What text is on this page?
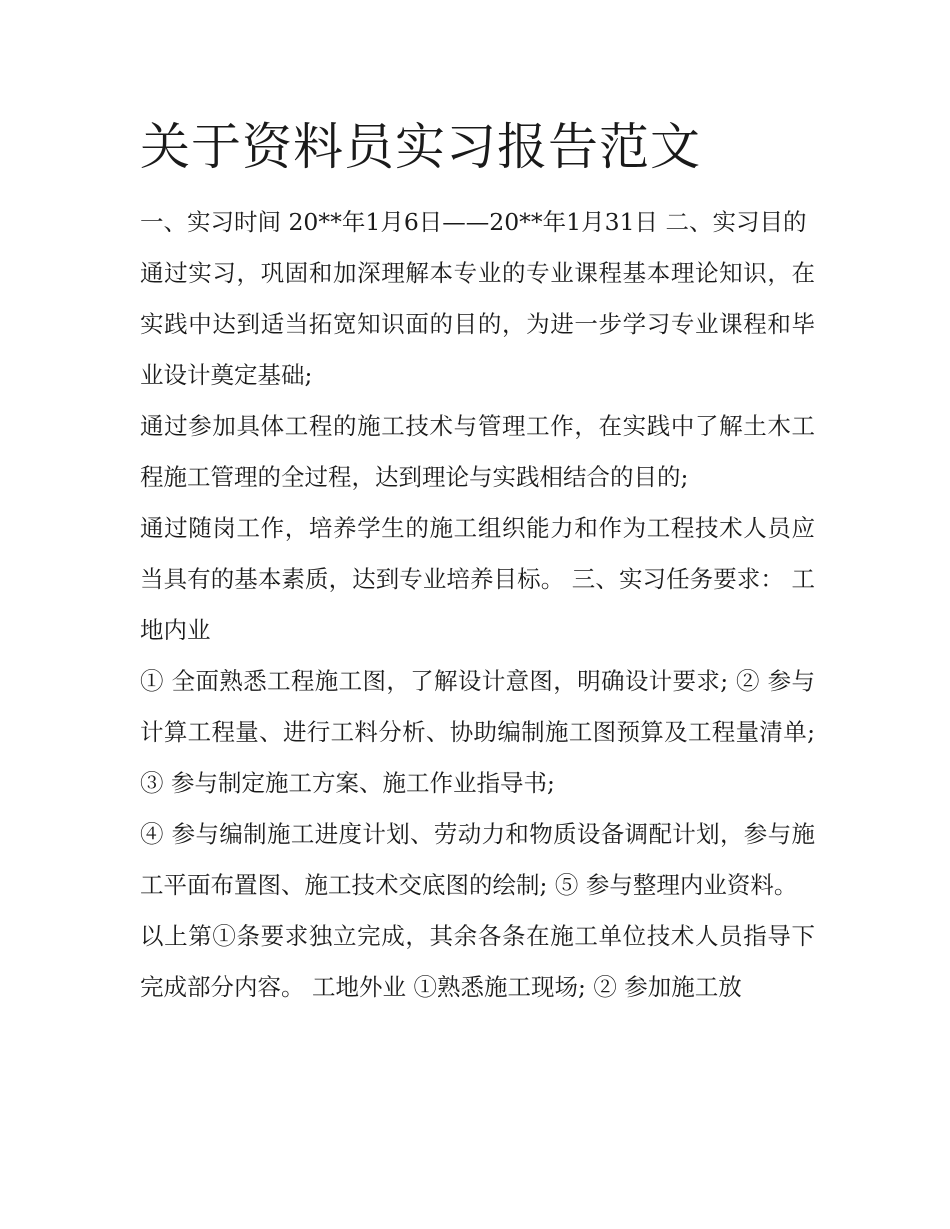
关于资料员实习报告范文

一、实习时间 20**年1月6日——20**年1月31日 二、实习目的

通过实习，巩固和加深理解本专业的专业课程基本理论知识，在实践中达到适当拓宽知识面的目的，为进一步学习专业课程和毕业设计奠定基础;

通过参加具体工程的施工技术与管理工作，在实践中了解土木工程施工管理的全过程，达到理论与实践相结合的目的;

通过随岗工作，培养学生的施工组织能力和作为工程技术人员应当具有的基本素质，达到专业培养目标。 三、实习任务要求： 工地内业

① 全面熟悉工程施工图，了解设计意图，明确设计要求; ② 参与计算工程量、进行工料分析、协助编制施工图预算及工程量清单; ③ 参与制定施工方案、施工作业指导书;

④ 参与编制施工进度计划、劳动力和物质设备调配计划，参与施工平面布置图、施工技术交底图的绘制; ⑤ 参与整理内业资料。

以上第①条要求独立完成，其余各条在施工单位技术人员指导下完成部分内容。 工地外业 ①熟悉施工现场; ② 参加施工放
